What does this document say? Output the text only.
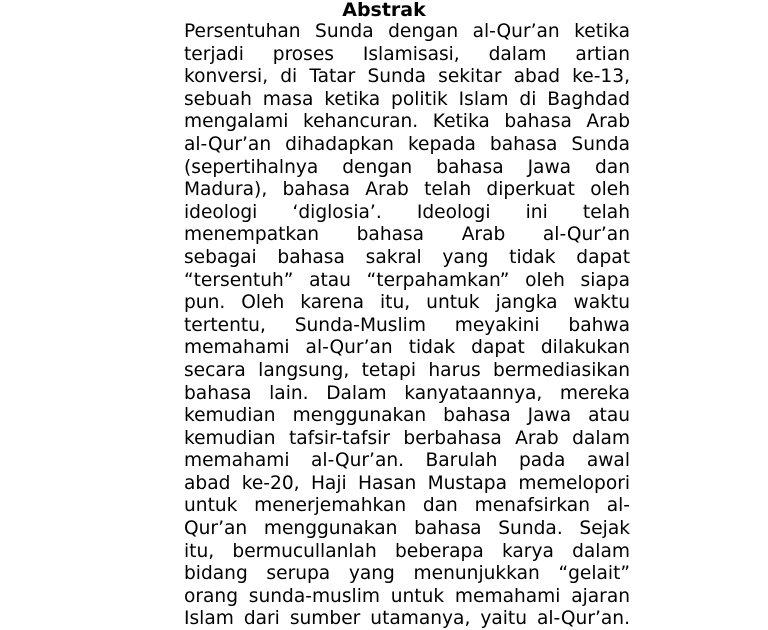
Abstrak
Persentuhan Sunda dengan al-Qur’an ketika
terjadi proses Islamisasi, dalam artian
konversi, di Tatar Sunda sekitar abad ke-13,
sebuah masa ketika politik Islam di Baghdad
mengalami kehancuran. Ketika bahasa Arab
al-Qur’an dihadapkan kepada bahasa Sunda
(sepertihalnya dengan bahasa Jawa dan
Madura), bahasa Arab telah diperkuat oleh
ideologi ‘diglosia’. Ideologi ini telah
menempatkan bahasa Arab al-Qur’an
sebagai bahasa sakral yang tidak dapat
“tersentuh” atau “terpahamkan” oleh siapa
pun. Oleh karena itu, untuk jangka waktu
tertentu, Sunda-Muslim meyakini bahwa
memahami al-Qur’an tidak dapat dilakukan
secara langsung, tetapi harus bermediasikan
bahasa lain. Dalam kanyataannya, mereka
kemudian menggunakan bahasa Jawa atau
kemudian tafsir-tafsir berbahasa Arab dalam
memahami al-Qur’an. Barulah pada awal
abad ke-20, Haji Hasan Mustapa memelopori
untuk menerjemahkan dan menafsirkan al-
Qur’an menggunakan bahasa Sunda. Sejak
itu, bermucullanlah beberapa karya dalam
bidang serupa yang menunjukkan “gelait”
orang sunda-muslim untuk memahami ajaran
Islam dari sumber utamanya, yaitu al-Qur’an.
